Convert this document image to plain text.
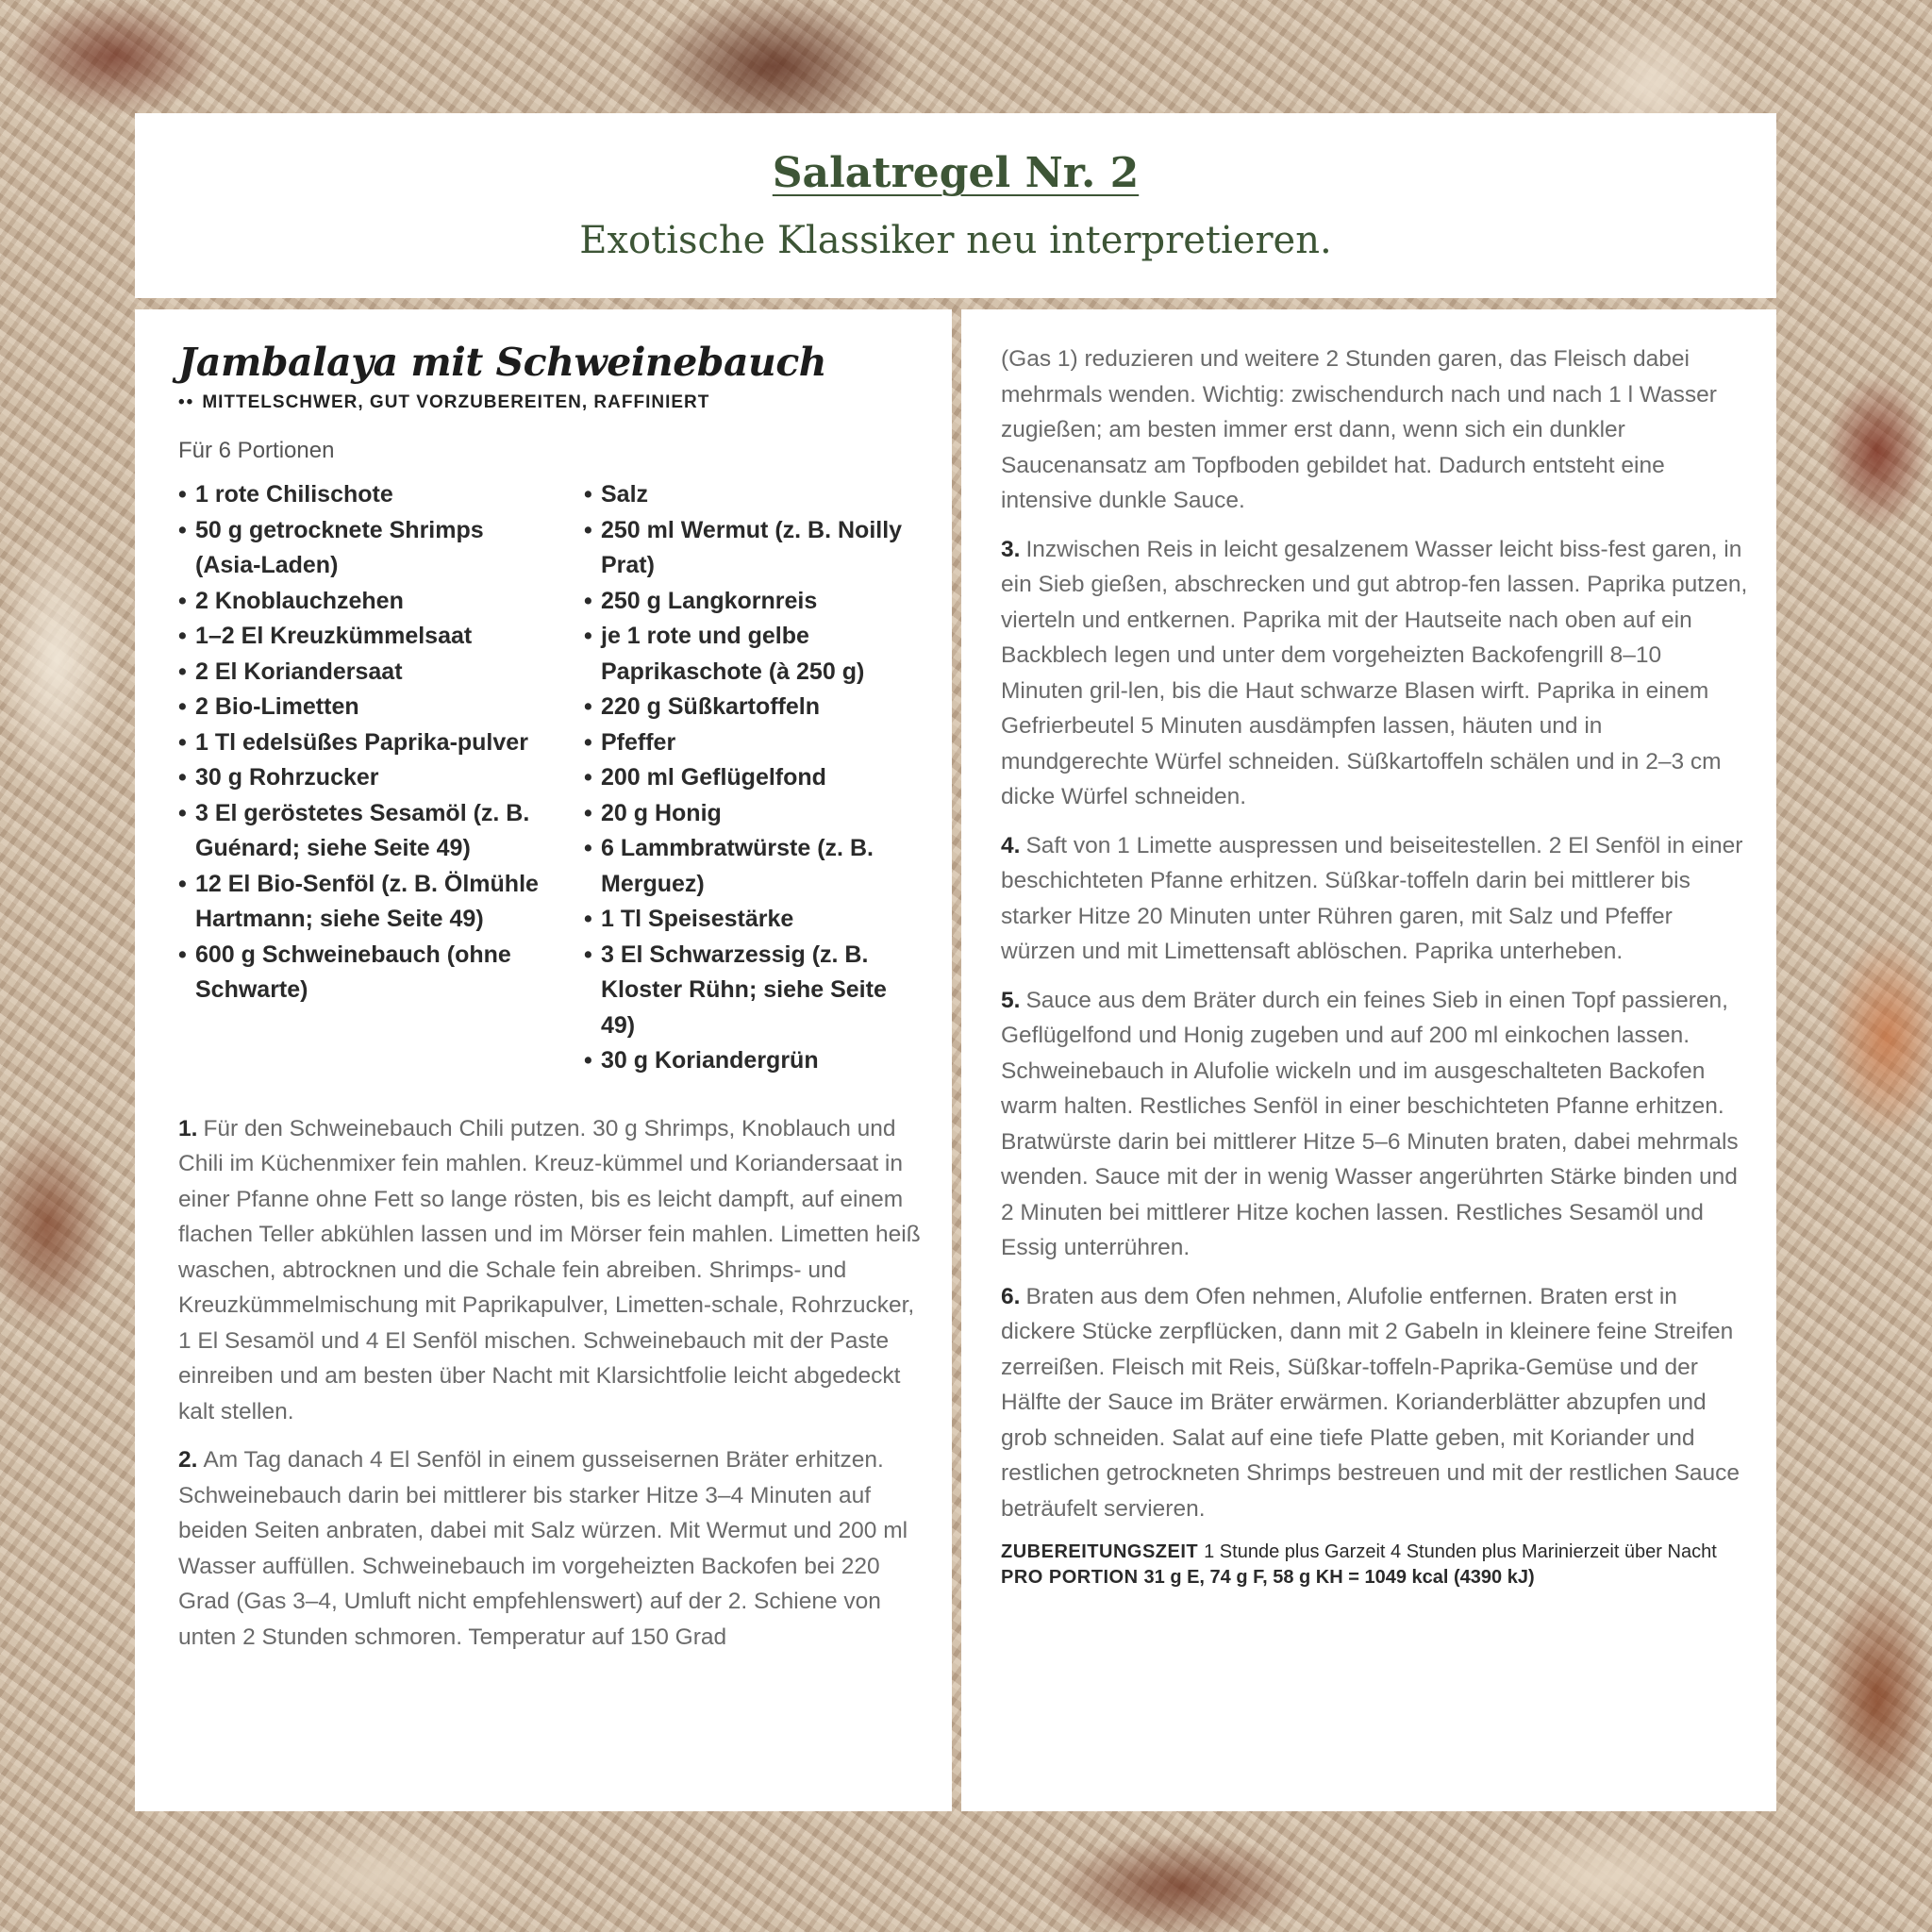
Salatregel Nr. 2
Exotische Klassiker neu interpretieren.
Jambalaya mit Schweinebauch
•• MITTELSCHWER, GUT VORZUBEREITEN, RAFFINIERT
Für 6 Portionen
• 1 rote Chilischote
• 50 g getrocknete Shrimps (Asia-Laden)
• 2 Knoblauchzehen
• 1–2 El Kreuzkümmelsaat
• 2 El Koriandersaat
• 2 Bio-Limetten
• 1 Tl edelsüßes Paprika-pulver
• 30 g Rohrzucker
• 3 El geröstetes Sesamöl (z. B. Guénard; siehe Seite 49)
• 12 El Bio-Senföl (z. B. Ölmühle Hartmann; siehe Seite 49)
• 600 g Schweinebauch (ohne Schwarte)
• Salz
• 250 ml Wermut (z. B. Noilly Prat)
• 250 g Langkornreis
• je 1 rote und gelbe Paprikaschote (à 250 g)
• 220 g Süßkartoffeln
• Pfeffer
• 200 ml Geflügelfond
• 20 g Honig
• 6 Lammbratwürste (z. B. Merguez)
• 1 Tl Speisestärke
• 3 El Schwarzessig (z. B. Kloster Rühn; siehe Seite 49)
• 30 g Koriandergrün

1. Für den Schweinebauch Chili putzen. 30 g Shrimps, Knoblauch und Chili im Küchenmixer fein mahlen. Kreuz-kümmel und Koriandersaat in einer Pfanne ohne Fett so lange rösten, bis es leicht dampft, auf einem flachen Teller abkühlen lassen und im Mörser fein mahlen. Limetten heiß waschen, abtrocknen und die Schale fein abreiben. Shrimps- und Kreuzkümmelmischung mit Paprikapulver, Limetten-schale, Rohrzucker, 1 El Sesamöl und 4 El Senföl mischen. Schweinebauch mit der Paste einreiben und am besten über Nacht mit Klarsichtfolie leicht abgedeckt kalt stellen.

2. Am Tag danach 4 El Senföl in einem gusseisernen Bräter erhitzen. Schweinebauch darin bei mittlerer bis starker Hitze 3–4 Minuten auf beiden Seiten anbraten, dabei mit Salz würzen. Mit Wermut und 200 ml Wasser auffüllen. Schweinebauch im vorgeheizten Backofen bei 220 Grad (Gas 3–4, Umluft nicht empfehlenswert) auf der 2. Schiene von unten 2 Stunden schmoren. Temperatur auf 150 Grad

(Gas 1) reduzieren und weitere 2 Stunden garen, das Fleisch dabei mehrmals wenden. Wichtig: zwischendurch nach und nach 1 l Wasser zugießen; am besten immer erst dann, wenn sich ein dunkler Saucenansatz am Topfboden gebildet hat. Dadurch entsteht eine intensive dunkle Sauce.

3. Inzwischen Reis in leicht gesalzenem Wasser leicht biss-fest garen, in ein Sieb gießen, abschrecken und gut abtrop-fen lassen. Paprika putzen, vierteln und entkernen. Paprika mit der Hautseite nach oben auf ein Backblech legen und unter dem vorgeheizten Backofengrill 8–10 Minuten gril-len, bis die Haut schwarze Blasen wirft. Paprika in einem Gefrierbeutel 5 Minuten ausdämpfen lassen, häuten und in mundgerechte Würfel schneiden. Süßkartoffeln schälen und in 2–3 cm dicke Würfel schneiden.

4. Saft von 1 Limette auspressen und beiseitestellen. 2 El Senföl in einer beschichteten Pfanne erhitzen. Süßkar-toffeln darin bei mittlerer bis starker Hitze 20 Minuten unter Rühren garen, mit Salz und Pfeffer würzen und mit Limettensaft ablöschen. Paprika unterheben.

5. Sauce aus dem Bräter durch ein feines Sieb in einen Topf passieren, Geflügelfond und Honig zugeben und auf 200 ml einkochen lassen. Schweinebauch in Alufolie wickeln und im ausgeschalteten Backofen warm halten. Restliches Senföl in einer beschichteten Pfanne erhitzen. Bratwürste darin bei mittlerer Hitze 5–6 Minuten braten, dabei mehrmals wenden. Sauce mit der in wenig Wasser angerührten Stärke binden und 2 Minuten bei mittlerer Hitze kochen lassen. Restliches Sesamöl und Essig unterrühren.

6. Braten aus dem Ofen nehmen, Alufolie entfernen. Braten erst in dickere Stücke zerpflücken, dann mit 2 Gabeln in kleinere feine Streifen zerreißen. Fleisch mit Reis, Süßkar-toffeln-Paprika-Gemüse und der Hälfte der Sauce im Bräter erwärmen. Korianderblätter abzupfen und grob schneiden. Salat auf eine tiefe Platte geben, mit Koriander und restlichen getrockneten Shrimps bestreuen und mit der restlichen Sauce beträufelt servieren.

ZUBEREITUNGSZEIT 1 Stunde plus Garzeit 4 Stunden plus Marinierzeit über Nacht
PRO PORTION 31 g E, 74 g F, 58 g KH = 1049 kcal (4390 kJ)
